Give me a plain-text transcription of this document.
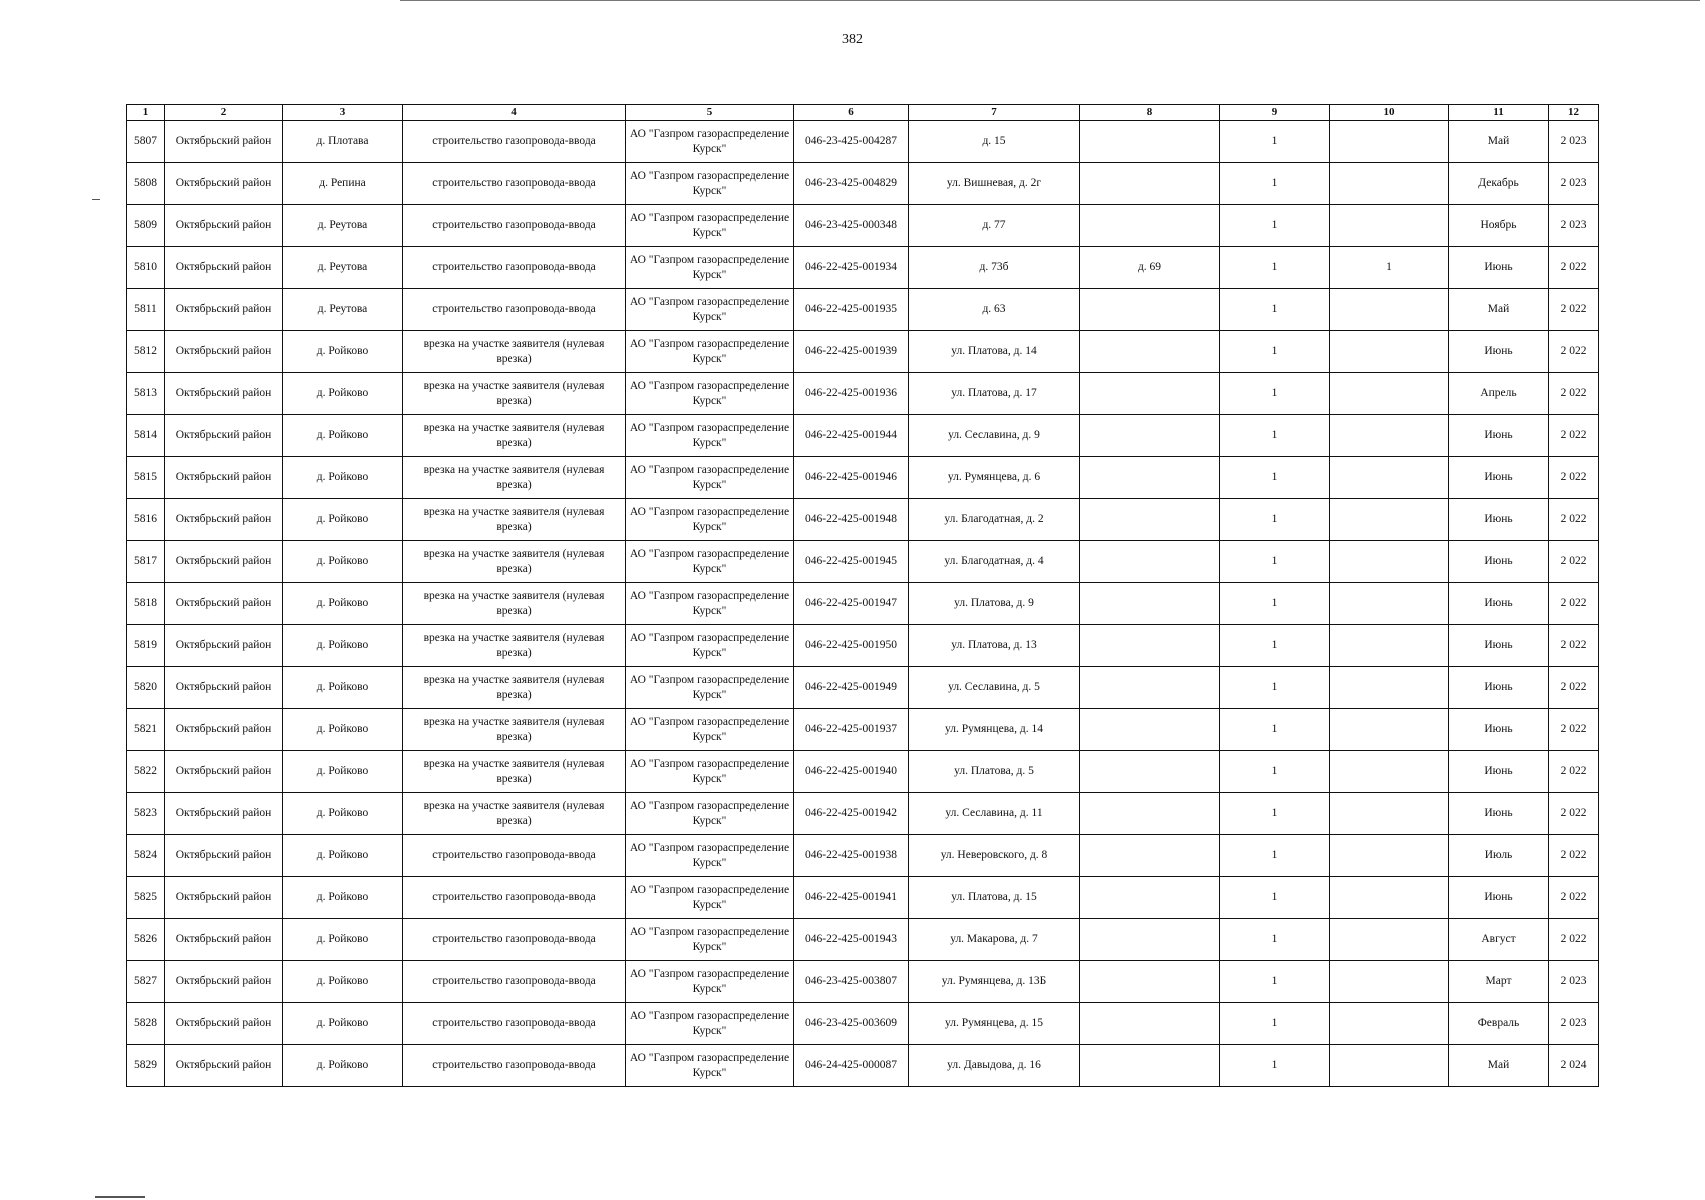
382
1	2	3	4	5	6	7	8	9	10	11	12
5807	Октябрьский район	д. Плотава	строительство газопровода-ввода	АО "Газпром газораспределение Курск"	046-23-425-004287	д. 15		1		Май	2 023
5808	Октябрьский район	д. Репина	строительство газопровода-ввода	АО "Газпром газораспределение Курск"	046-23-425-004829	ул. Вишневая, д. 2г		1		Декабрь	2 023
5809	Октябрьский район	д. Реутова	строительство газопровода-ввода	АО "Газпром газораспределение Курск"	046-23-425-000348	д. 77		1		Ноябрь	2 023
5810	Октябрьский район	д. Реутова	строительство газопровода-ввода	АО "Газпром газораспределение Курск"	046-22-425-001934	д. 73б	д. 69	1	1	Июнь	2 022
5811	Октябрьский район	д. Реутова	строительство газопровода-ввода	АО "Газпром газораспределение Курск"	046-22-425-001935	д. 63		1		Май	2 022
5812	Октябрьский район	д. Ройково	врезка на участке заявителя (нулевая врезка)	АО "Газпром газораспределение Курск"	046-22-425-001939	ул. Платова, д. 14		1		Июнь	2 022
5813	Октябрьский район	д. Ройково	врезка на участке заявителя (нулевая врезка)	АО "Газпром газораспределение Курск"	046-22-425-001936	ул. Платова, д. 17		1		Апрель	2 022
5814	Октябрьский район	д. Ройково	врезка на участке заявителя (нулевая врезка)	АО "Газпром газораспределение Курск"	046-22-425-001944	ул. Сеславина, д. 9		1		Июнь	2 022
5815	Октябрьский район	д. Ройково	врезка на участке заявителя (нулевая врезка)	АО "Газпром газораспределение Курск"	046-22-425-001946	ул. Румянцева, д. 6		1		Июнь	2 022
5816	Октябрьский район	д. Ройково	врезка на участке заявителя (нулевая врезка)	АО "Газпром газораспределение Курск"	046-22-425-001948	ул. Благодатная, д. 2		1		Июнь	2 022
5817	Октябрьский район	д. Ройково	врезка на участке заявителя (нулевая врезка)	АО "Газпром газораспределение Курск"	046-22-425-001945	ул. Благодатная, д. 4		1		Июнь	2 022
5818	Октябрьский район	д. Ройково	врезка на участке заявителя (нулевая врезка)	АО "Газпром газораспределение Курск"	046-22-425-001947	ул. Платова, д. 9		1		Июнь	2 022
5819	Октябрьский район	д. Ройково	врезка на участке заявителя (нулевая врезка)	АО "Газпром газораспределение Курск"	046-22-425-001950	ул. Платова, д. 13		1		Июнь	2 022
5820	Октябрьский район	д. Ройково	врезка на участке заявителя (нулевая врезка)	АО "Газпром газораспределение Курск"	046-22-425-001949	ул. Сеславина, д. 5		1		Июнь	2 022
5821	Октябрьский район	д. Ройково	врезка на участке заявителя (нулевая врезка)	АО "Газпром газораспределение Курск"	046-22-425-001937	ул. Румянцева, д. 14		1		Июнь	2 022
5822	Октябрьский район	д. Ройково	врезка на участке заявителя (нулевая врезка)	АО "Газпром газораспределение Курск"	046-22-425-001940	ул. Платова, д. 5		1		Июнь	2 022
5823	Октябрьский район	д. Ройково	врезка на участке заявителя (нулевая врезка)	АО "Газпром газораспределение Курск"	046-22-425-001942	ул. Сеславина, д. 11		1		Июнь	2 022
5824	Октябрьский район	д. Ройково	строительство газопровода-ввода	АО "Газпром газораспределение Курск"	046-22-425-001938	ул. Неверовского, д. 8		1		Июль	2 022
5825	Октябрьский район	д. Ройково	строительство газопровода-ввода	АО "Газпром газораспределение Курск"	046-22-425-001941	ул. Платова, д. 15		1		Июнь	2 022
5826	Октябрьский район	д. Ройково	строительство газопровода-ввода	АО "Газпром газораспределение Курск"	046-22-425-001943	ул. Макарова, д. 7		1		Август	2 022
5827	Октябрьский район	д. Ройково	строительство газопровода-ввода	АО "Газпром газораспределение Курск"	046-23-425-003807	ул. Румянцева, д. 13Б		1		Март	2 023
5828	Октябрьский район	д. Ройково	строительство газопровода-ввода	АО "Газпром газораспределение Курск"	046-23-425-003609	ул. Румянцева, д. 15		1		Февраль	2 023
5829	Октябрьский район	д. Ройково	строительство газопровода-ввода	АО "Газпром газораспределение Курск"	046-24-425-000087	ул. Давыдова, д. 16		1		Май	2 024
